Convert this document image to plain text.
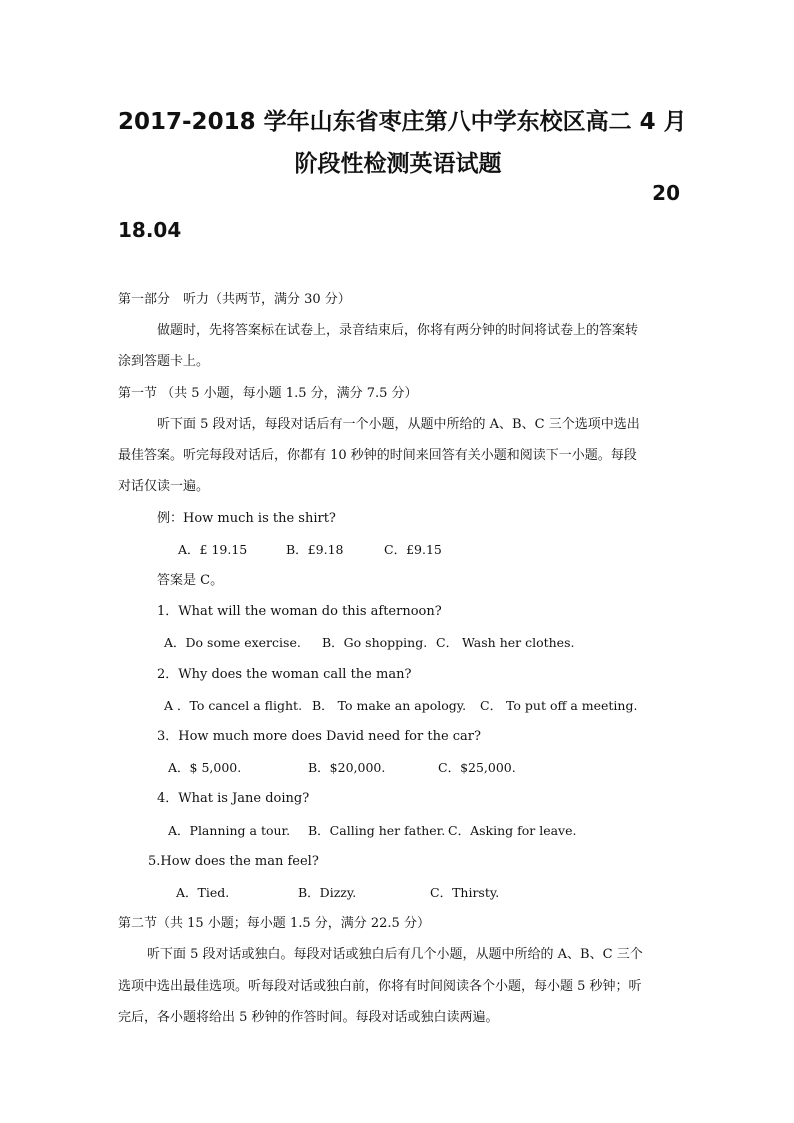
2017-2018 学年山东省枣庄第八中学东校区高二 4 月
阶段性检测英语试题
20
18.04
第一部分　听力（共两节，满分 30 分）
做题时，先将答案标在试卷上，录音结束后，你将有两分钟的时间将试卷上的答案转
涂到答题卡上。
第一节 （共 5 小题，每小题 1.5 分，满分 7.5 分）
听下面 5 段对话，每段对话后有一个小题，从题中所给的 A、B、C 三个选项中选出
最佳答案。听完每段对话后，你都有 10 秒钟的时间来回答有关小题和阅读下一小题。每段
对话仅读一遍。
例：How much is the shirt?
A．£ 19.15	B．£9.18	C．£9.15
答案是 C。
1．What will the woman do this afternoon?
A．Do some exercise. B．Go shopping. C． Wash her clothes.
2．Why does the woman call the man?
A ．To cancel a flight. B． To make an apology. C． To put off a meeting.
3．How much more does David need for the car?
A．$ 5,000.	B．$20,000.	C．$25,000.
4．What is Jane doing?
A．Planning a tour. B．Calling her father. C．Asking for leave.
5.How does the man feel?
A．Tied.	B．Dizzy.	C．Thirsty.
第二节（共 15 小题；每小题 1.5 分，满分 22.5 分）
听下面 5 段对话或独白。每段对话或独白后有几个小题，从题中所给的 A、B、C 三个
选项中选出最佳选项。听每段对话或独白前，你将有时间阅读各个小题，每小题 5 秒钟；听
完后，各小题将给出 5 秒钟的作答时间。每段对话或独白读两遍。
